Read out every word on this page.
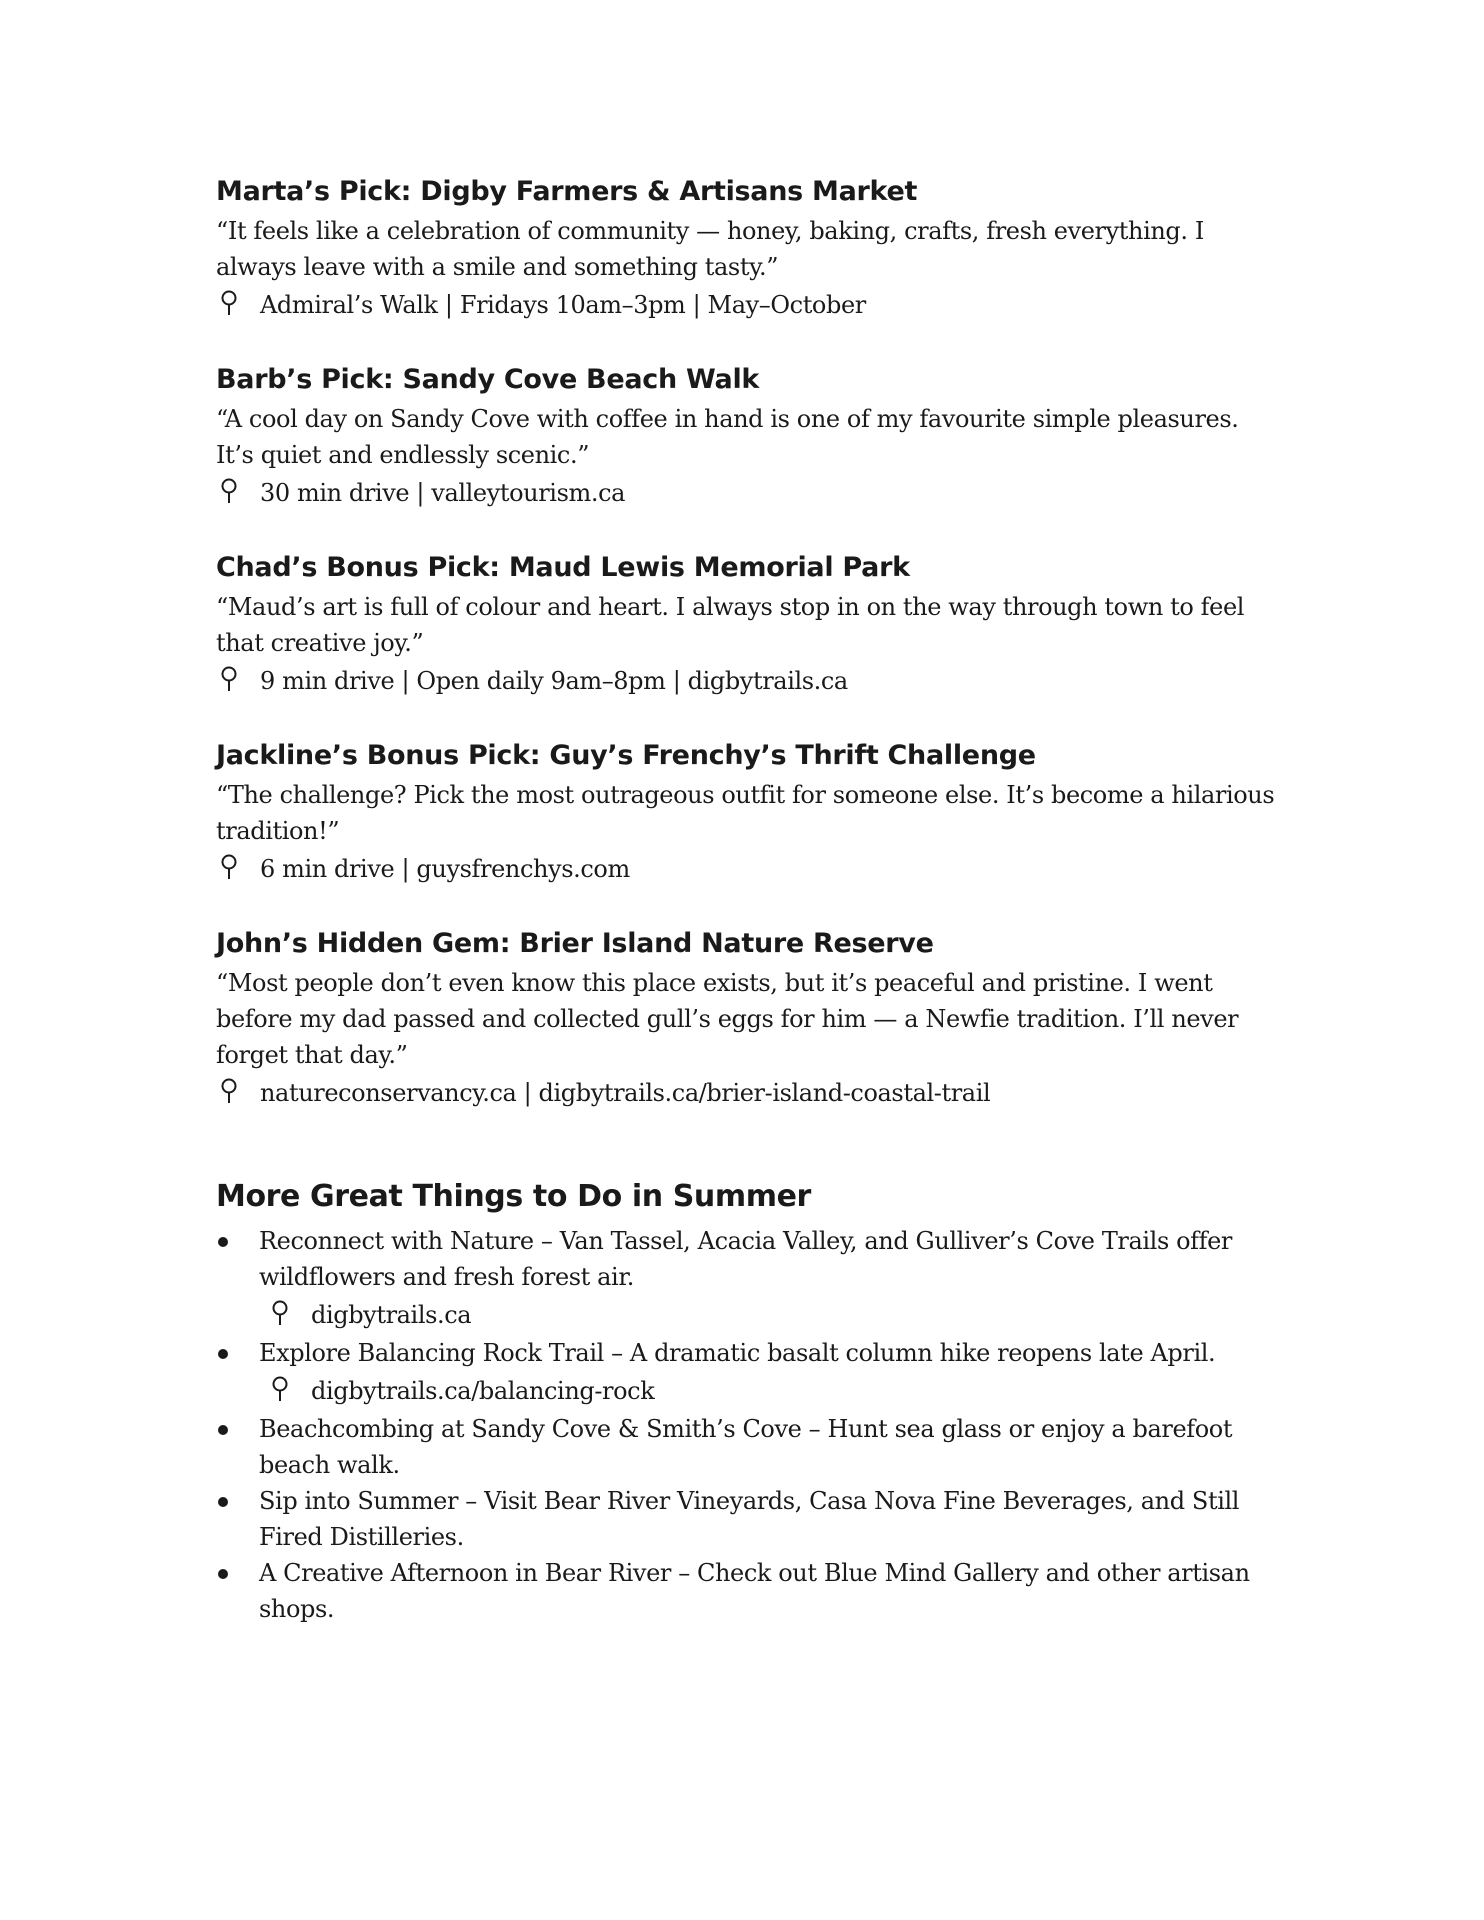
Marta’s Pick: Digby Farmers & Artisans Market

“It feels like a celebration of community — honey, baking, crafts, fresh everything. I always leave with a smile and something tasty.”

Admiral’s Walk | Fridays 10am–3pm | May–October
Barb’s Pick: Sandy Cove Beach Walk

“A cool day on Sandy Cove with coffee in hand is one of my favourite simple pleasures. It’s quiet and endlessly scenic.”

30 min drive | valleytourism.ca
Chad’s Bonus Pick: Maud Lewis Memorial Park

“Maud’s art is full of colour and heart. I always stop in on the way through town to feel that creative joy.”

9 min drive | Open daily 9am–8pm | digbytrails.ca
Jackline’s Bonus Pick: Guy’s Frenchy’s Thrift Challenge

“The challenge? Pick the most outrageous outfit for someone else. It’s become a hilarious tradition!”

6 min drive | guysfrenchys.com
John’s Hidden Gem: Brier Island Nature Reserve

“Most people don’t even know this place exists, but it’s peaceful and pristine. I went before my dad passed and collected gull’s eggs for him — a Newfie tradition. I’ll never forget that day.”

natureconservancy.ca | digbytrails.ca/brier-island-coastal-trail
More Great Things to Do in Summer

Reconnect with Nature – Van Tassel, Acacia Valley, and Gulliver’s Cove Trails offer wildflowers and fresh forest air.

digbytrails.ca

Explore Balancing Rock Trail – A dramatic basalt column hike reopens late April.

digbytrails.ca/balancing-rock

Beachcombing at Sandy Cove & Smith’s Cove – Hunt sea glass or enjoy a barefoot beach walk.

Sip into Summer – Visit Bear River Vineyards, Casa Nova Fine Beverages, and Still Fired Distilleries.

A Creative Afternoon in Bear River – Check out Blue Mind Gallery and other artisan shops.
